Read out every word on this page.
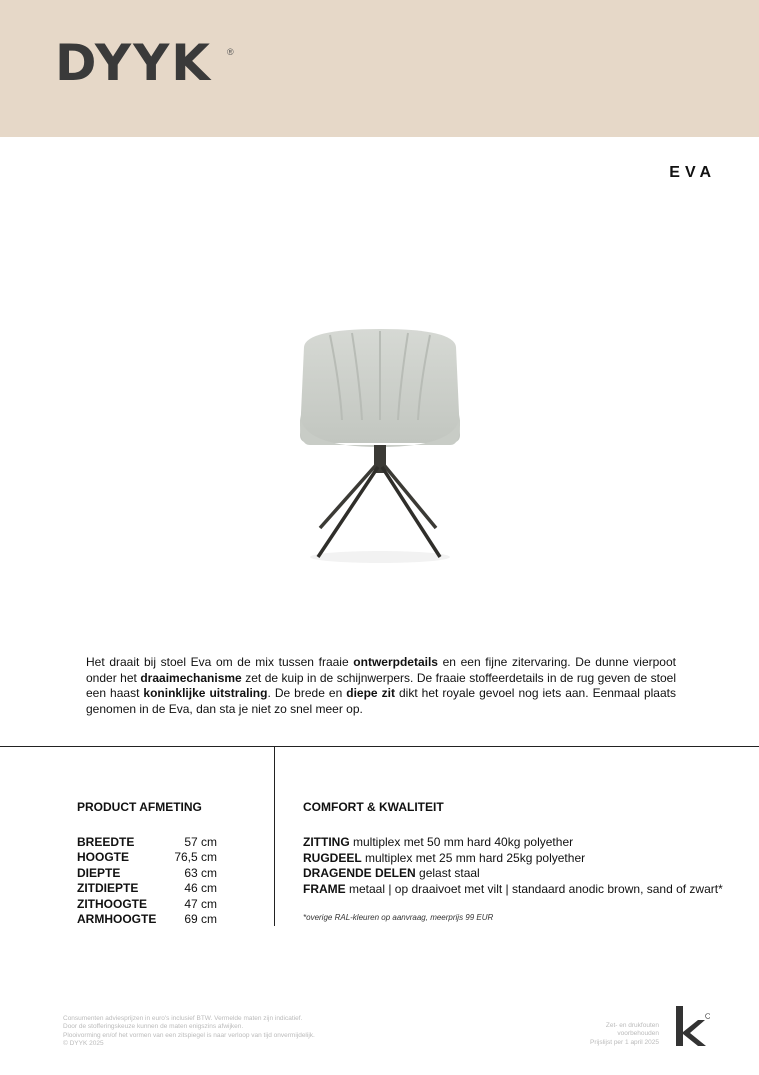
DYYK ®
EVA
Het draait bij stoel Eva om de mix tussen fraaie ontwerpdetails en een fijne zitervaring. De dunne vierpoot onder het draaimechanisme zet de kuip in de schijnwerpers. De fraaie stoffeerdetails in de rug geven de stoel een haast koninklijke uitstraling. De brede en diepe zit dikt het royale gevoel nog iets aan. Eenmaal plaats genomen in de Eva, dan sta je niet zo snel meer op.
PRODUCT AFMETING
BREEDTE	57 cm
HOOGTE	76,5 cm
DIEPTE	63 cm
ZITDIEPTE	46 cm
ZITHOOGTE	47 cm
ARMHOOGTE 69 cm
COMFORT & KWALITEIT
ZITTING multiplex met 50 mm hard 40kg polyether
RUGDEEL multiplex met 25 mm hard 25kg polyether
DRAGENDE DELEN gelast staal
FRAME metaal | op draaivoet met vilt | standaard anodic brown, sand of zwart*
*overige RAL-kleuren op aanvraag, meerprijs 99 EUR
Consumenten adviesprijzen in euro's inclusief BTW. Vermelde maten zijn indicatief.
Door de stofferingskeuze kunnen de maten enigszins afwijken.
Plooivorming en/of het vormen van een zitspiegel is naar verloop van tijd onvermijdelijk.
© DYYK 2025
Zet- en drukfouten
voorbehouden
Prijslijst per 1 april 2025
